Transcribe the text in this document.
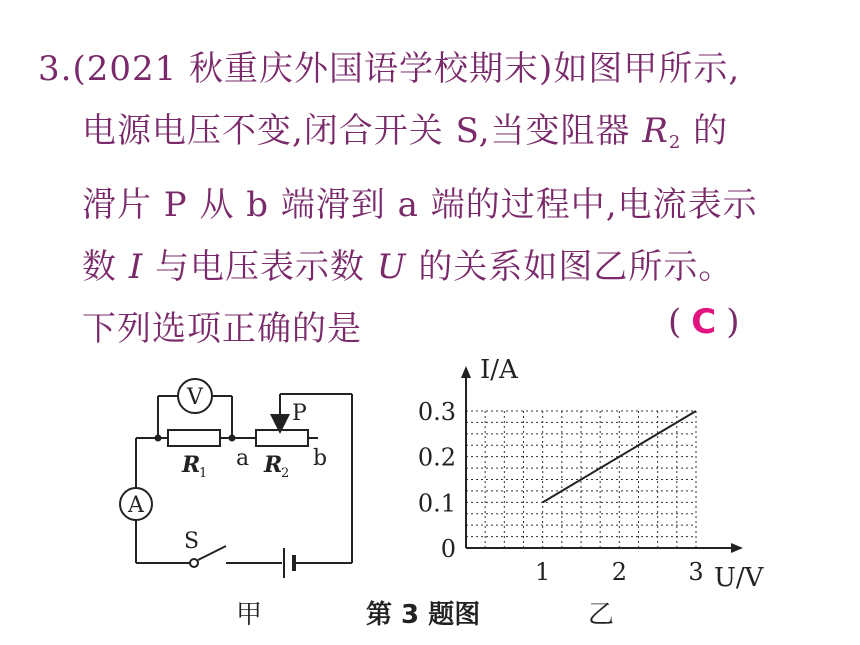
3.(2021 秋重庆外国语学校期末)如图甲所示,
电源电压不变,闭合开关 S,当变阻器 $R_2$ 的
滑片 P 从 b 端滑到 a 端的过程中,电流表示
数 I 与电压表示数 U 的关系如图乙所示。
下列选项正确的是	( C )
V
A
P
R
1	R
2
a	b
S	0
0.1
0.2
0.3
1	2	3
I/A
U/V
甲	第 3 题图	乙
